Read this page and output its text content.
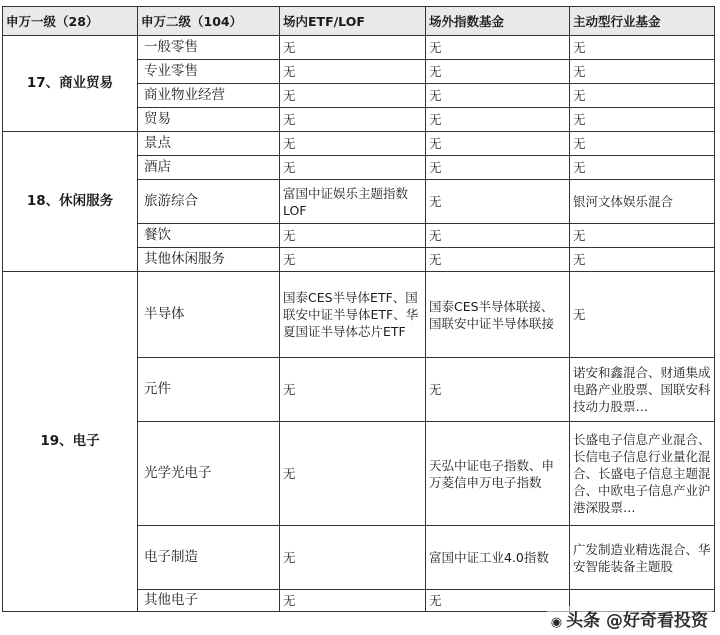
申万一级（28）	申万二级（104）	场内ETF/LOF	场外指数基金	主动型行业基金
17、商业贸易	一般零售	无	无	无
	专业零售	无	无	无
	商业物业经营	无	无	无
	贸易	无	无	无
18、休闲服务	景点	无	无	无
	酒店	无	无	无
	旅游综合	富国中证娱乐主题指数LOF	无	银河文体娱乐混合
	餐饮	无	无	无
	其他休闲服务	无	无	无
19、电子	半导体	国泰CES半导体ETF、国联安中证半导体ETF、华夏国证半导体芯片ETF	国泰CES半导体联接、国联安中证半导体联接	无
	元件	无	无	诺安和鑫混合、财通集成电路产业股票、国联安科技动力股票…
	光学光电子	无	天弘中证电子指数、申万菱信申万电子指数	长盛电子信息产业混合、长信电子信息行业量化混合、长盛电子信息主题混合、中欧电子信息产业沪港深股票…
	电子制造	无	富国中证工业4.0指数	广发制造业精选混合、华安智能装备主题股
	其他电子	无	无	
◉ 头条 @好奇看投资
